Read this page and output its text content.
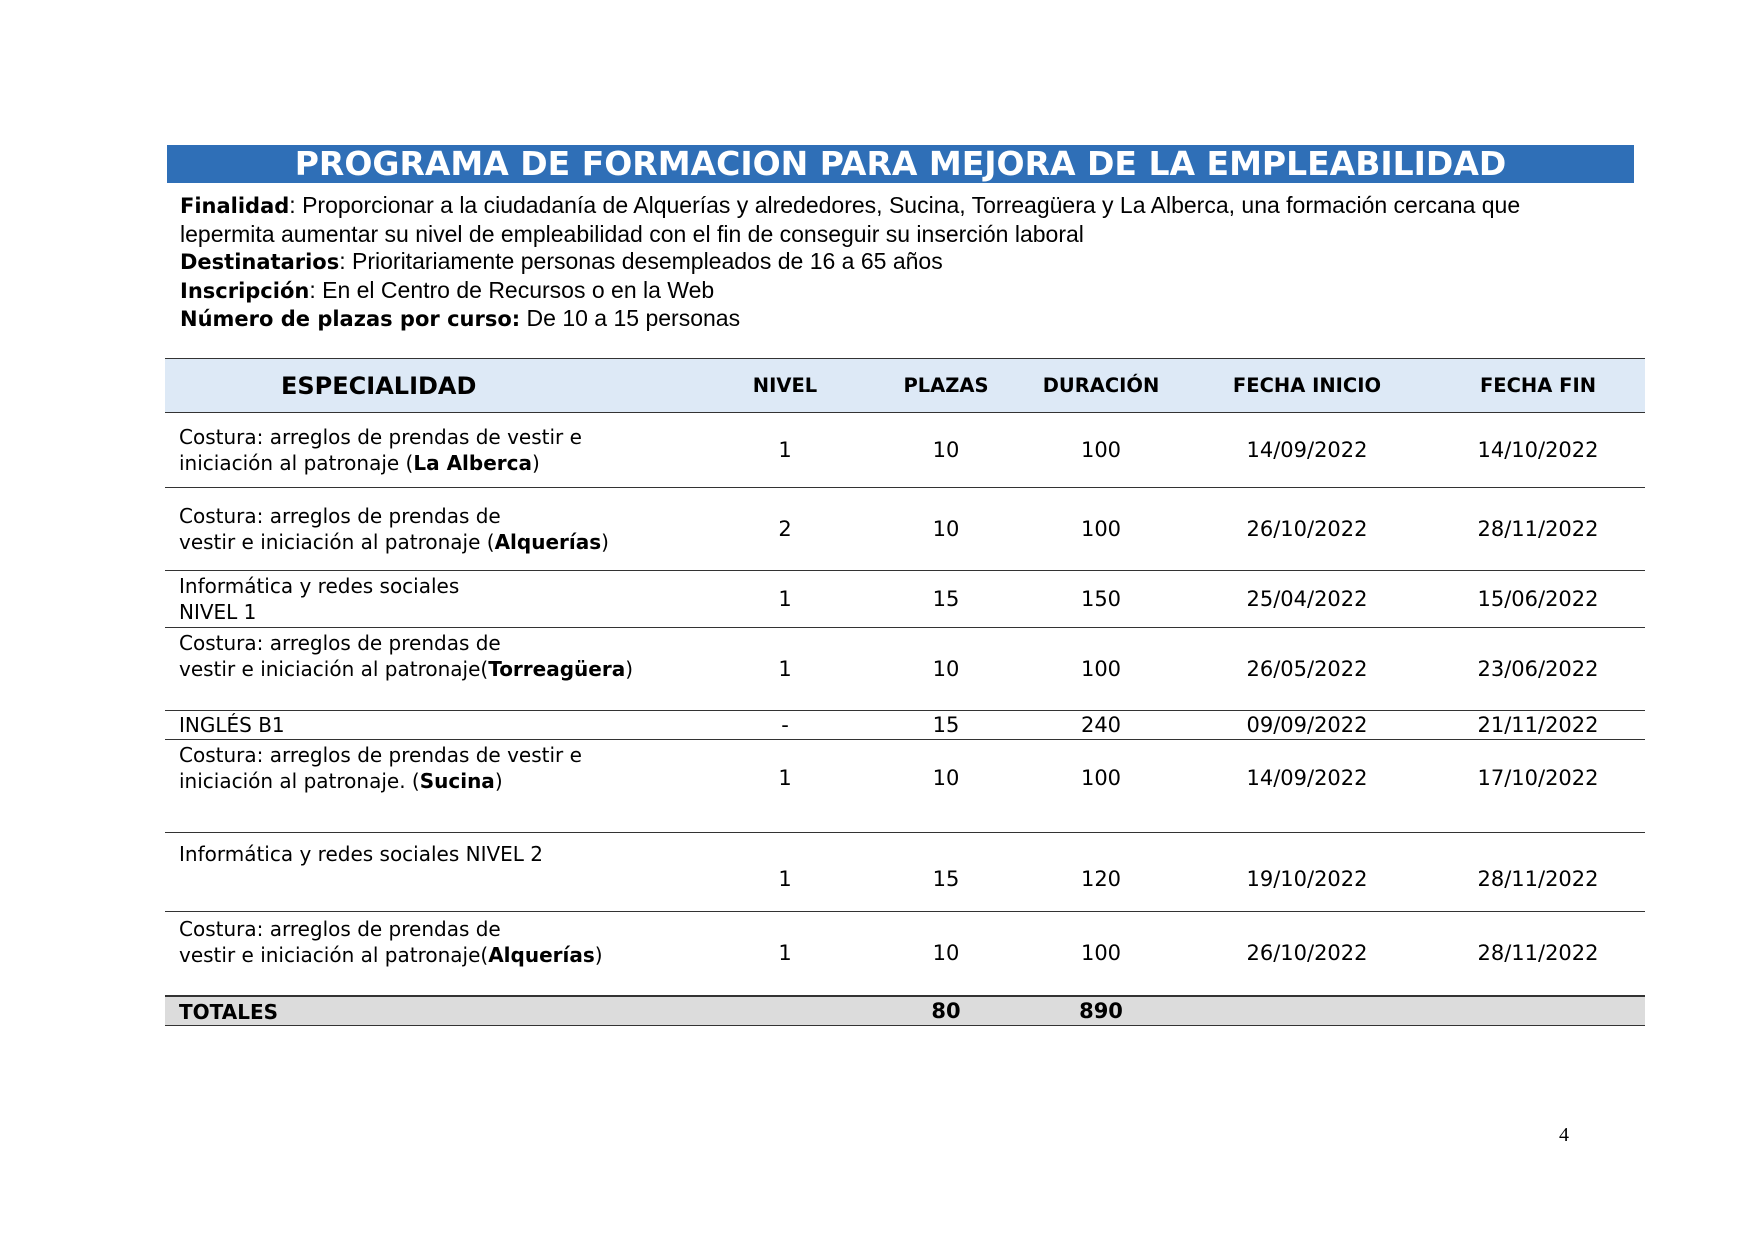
PROGRAMA DE FORMACION PARA MEJORA DE LA EMPLEABILIDAD

Finalidad: Proporcionar a la ciudadanía de Alquerías y alrededores, Sucina, Torreagüera y La Alberca, una formación cercana que

lepermita aumentar su nivel de empleabilidad con el fin de conseguir su inserción laboral

Destinatarios: Prioritariamente personas desempleados de 16 a 65 años

Inscripción: En el Centro de Recursos o en la Web

Número de plazas por curso: De 10 a 15 personas

ESPECIALIDAD	NIVEL	PLAZAS	DURACIÓN	FECHA INICIO	FECHA FIN

Costura: arreglos de prendas de vestir e
iniciación al patronaje (La Alberca)	1	10	100	14/09/2022	14/10/2022

Costura: arreglos de prendas de
vestir e iniciación al patronaje (Alquerías)	2	10	100	26/10/2022	28/11/2022

Informática y redes sociales
NIVEL 1	1	15	150	25/04/2022	15/06/2022

Costura: arreglos de prendas de
vestir e iniciación al patronaje(Torreagüera)	1	10	100	26/05/2022	23/06/2022

INGLÉS B1	-	15	240	09/09/2022	21/11/2022

Costura: arreglos de prendas de vestir e
iniciación al patronaje. (Sucina)	1	10	100	14/09/2022	17/10/2022

Informática y redes sociales NIVEL 2	1	15	120	19/10/2022	28/11/2022

Costura: arreglos de prendas de
vestir e iniciación al patronaje(Alquerías)	1	10	100	26/10/2022	28/11/2022
TOTALES		80	890		
4
